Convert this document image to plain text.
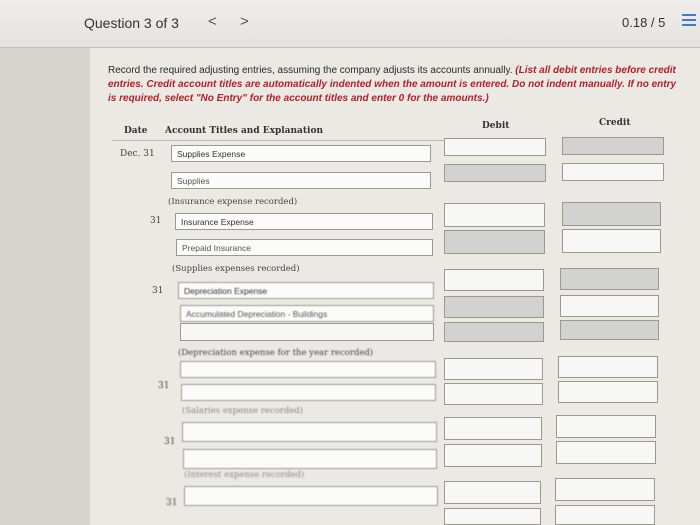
Question 3 of 3 < >	0.18 / 5
Record the required adjusting entries, assuming the company adjusts its accounts annually. (List all debit entries before credit entries. Credit account titles are automatically indented when the amount is entered. Do not indent manually. If no entry is required, select "No Entry" for the account titles and enter 0 for the amounts.)
Date Account Titles and Explanation	Debit	Credit
Dec. 31	Supplies Expense
Supplies
(Insurance expense recorded)
31	Insurance Expense
Prepaid Insurance
(Supplies expenses recorded)
31	Depreciation Expense
Accumulated Depreciation - Buildings
(Depreciation expense for the year recorded)
31
(Salaries expense recorded)
31
(Interest expense recorded)
31
